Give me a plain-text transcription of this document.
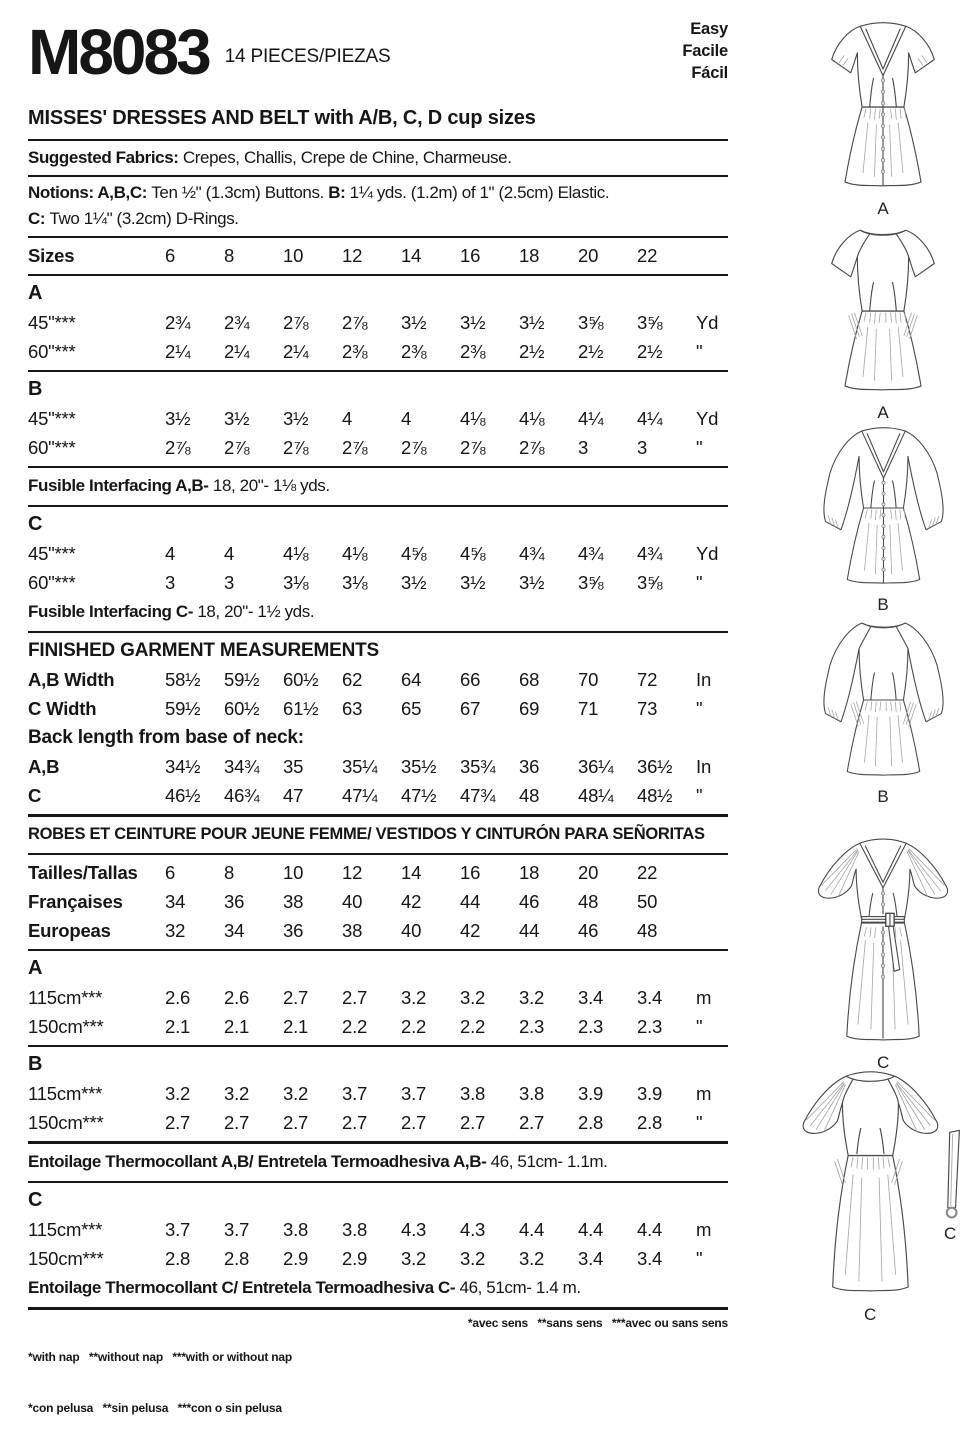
M8083 14 PIECES/PIEZAS
Easy
Facile
Fácil
MISSES' DRESSES AND BELT with A/B, C, D cup sizes
Suggested Fabrics: Crepes, Challis, Crepe de Chine, Charmeuse.
Notions: A,B,C: Ten ½" (1.3cm) Buttons. B: 1¼ yds. (1.2m) of 1" (2.5cm) Elastic.
C: Two 1¼" (3.2cm) D-Rings.
Sizes	6	8	10	12	14	16	18	20	22
A
45"***	2¾	2¾	2⅞	2⅞	3½	3½	3½	3⅝	3⅝	Yd
60"***	2¼	2¼	2¼	2⅜	2⅜	2⅜	2½	2½	2½	"
B
45"***	3½	3½	3½	4	4	4⅛	4⅛	4¼	4¼	Yd
60"***	2⅞	2⅞	2⅞	2⅞	2⅞	2⅞	2⅞	3	3	"
Fusible Interfacing A,B- 18, 20"- 1⅛ yds.
C
45"***	4	4	4⅛	4⅛	4⅝	4⅝	4¾	4¾	4¾	Yd
60"***	3	3	3⅛	3⅛	3½	3½	3½	3⅝	3⅝	"
Fusible Interfacing C- 18, 20"- 1½ yds.
FINISHED GARMENT MEASUREMENTS
A,B Width	58½	59½	60½	62	64	66	68	70	72	In
C Width	59½	60½	61½	63	65	67	69	71	73	"
Back length from base of neck:
A,B	34½	34¾	35	35¼	35½	35¾	36	36¼	36½	In
C	46½	46¾	47	47¼	47½	47¾	48	48¼	48½	"
ROBES ET CEINTURE POUR JEUNE FEMME/ VESTIDOS Y CINTURÓN PARA SEÑORITAS
Tailles/Tallas	6	8	10	12	14	16	18	20	22
Françaises	34	36	38	40	42	44	46	48	50
Europeas	32	34	36	38	40	42	44	46	48
A
115cm***	2.6	2.6	2.7	2.7	3.2	3.2	3.2	3.4	3.4	m
150cm***	2.1	2.1	2.1	2.2	2.2	2.2	2.3	2.3	2.3	"
B
115cm***	3.2	3.2	3.2	3.7	3.7	3.8	3.8	3.9	3.9	m
150cm***	2.7	2.7	2.7	2.7	2.7	2.7	2.7	2.8	2.8	"
Entoilage Thermocollant A,B/ Entretela Termoadhesiva A,B- 46, 51cm- 1.1m.
C
115cm***	3.7	3.7	3.8	3.8	4.3	4.3	4.4	4.4	4.4	m
150cm***	2.8	2.8	2.9	2.9	3.2	3.2	3.2	3.4	3.4	"
Entoilage Thermocollant C/ Entretela Termoadhesiva C- 46, 51cm- 1.4 m.

*with nap   **without nap   ***with or without nap

*con pelusa   **sin pelusa   ***con o sin pelusa

*avec sens   **sans sens   ***avec ou sans sens
A
A
B
B
C
C
C
